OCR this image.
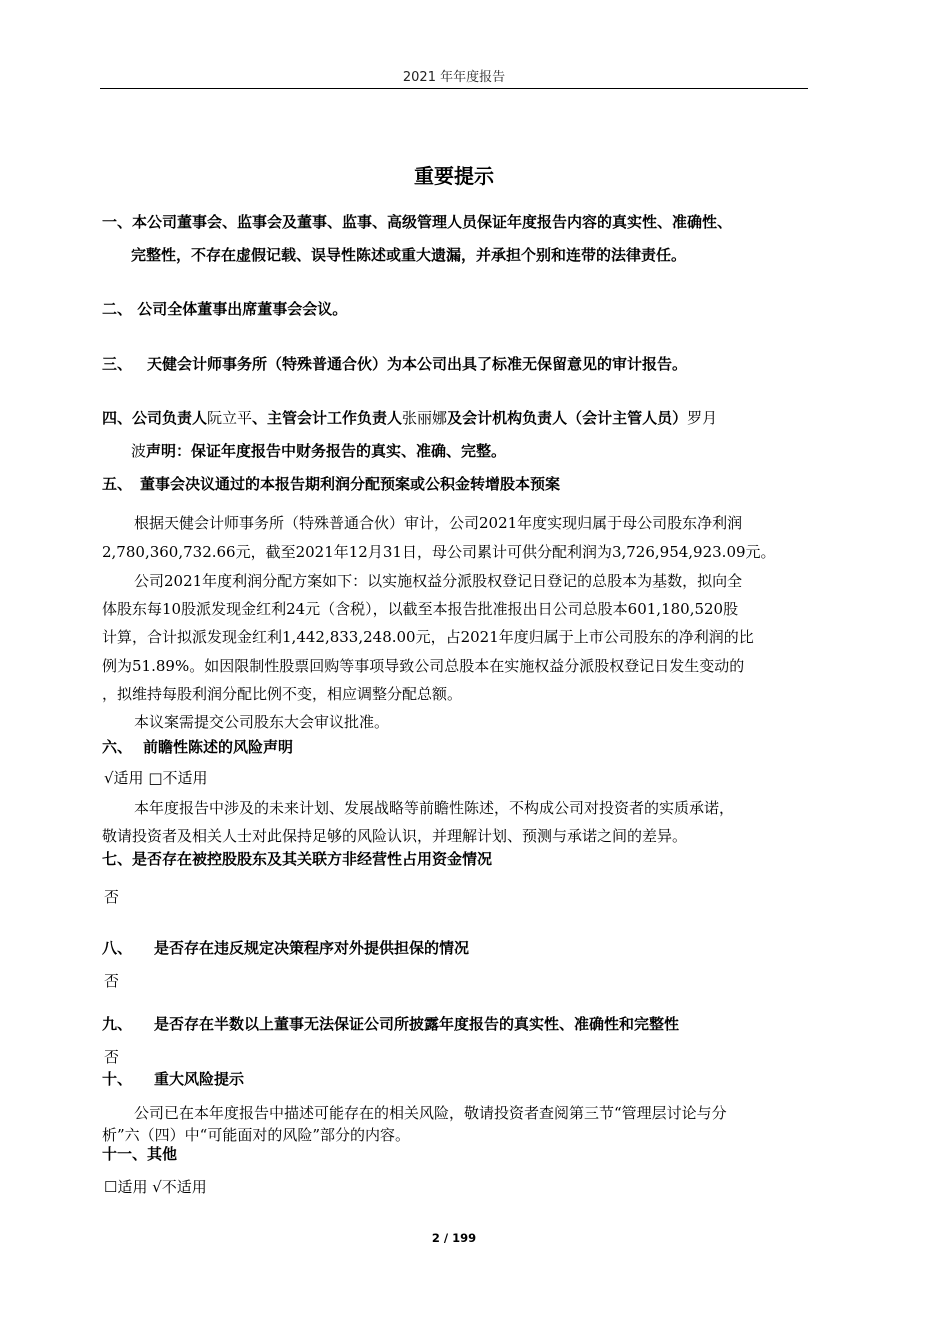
2021 年年度报告
重要提示
一、本公司董事会、监事会及董事、监事、高级管理人员保证年度报告内容的真实性、准确性、
完整性，不存在虚假记载、误导性陈述或重大遗漏，并承担个别和连带的法律责任。
二、 公司全体董事出席董事会会议。
三、 天健会计师事务所（特殊普通合伙）为本公司出具了标准无保留意见的审计报告。
四、公司负责人阮立平、主管会计工作负责人张丽娜及会计机构负责人（会计主管人员）罗月
波声明：保证年度报告中财务报告的真实、准确、完整。
五、 董事会决议通过的本报告期利润分配预案或公积金转增股本预案
根据天健会计师事务所（特殊普通合伙）审计，公司2021年度实现归属于母公司股东净利润
2,780,360,732.66元，截至2021年12月31日，母公司累计可供分配利润为3,726,954,923.09元。
公司2021年度利润分配方案如下：以实施权益分派股权登记日登记的总股本为基数，拟向全
体股东每10股派发现金红利24元（含税），以截至本报告批准报出日公司总股本601,180,520股
计算，合计拟派发现金红利1,442,833,248.00元，占2021年度归属于上市公司股东的净利润的比
例为51.89%。如因限制性股票回购等事项导致公司总股本在实施权益分派股权登记日发生变动的
，拟维持每股利润分配比例不变，相应调整分配总额。
本议案需提交公司股东大会审议批准。
六、 前瞻性陈述的风险声明
√适用 □不适用
本年度报告中涉及的未来计划、发展战略等前瞻性陈述，不构成公司对投资者的实质承诺，
敬请投资者及相关人士对此保持足够的风险认识，并理解计划、预测与承诺之间的差异。
七、是否存在被控股股东及其关联方非经营性占用资金情况
否
八、 是否存在违反规定决策程序对外提供担保的情况
否
九、 是否存在半数以上董事无法保证公司所披露年度报告的真实性、准确性和完整性
否
十、 重大风险提示
公司已在本年度报告中描述可能存在的相关风险，敬请投资者查阅第三节“管理层讨论与分
析”六（四）中“可能面对的风险”部分的内容。
十一、其他
☐适用 √不适用
2 / 199
